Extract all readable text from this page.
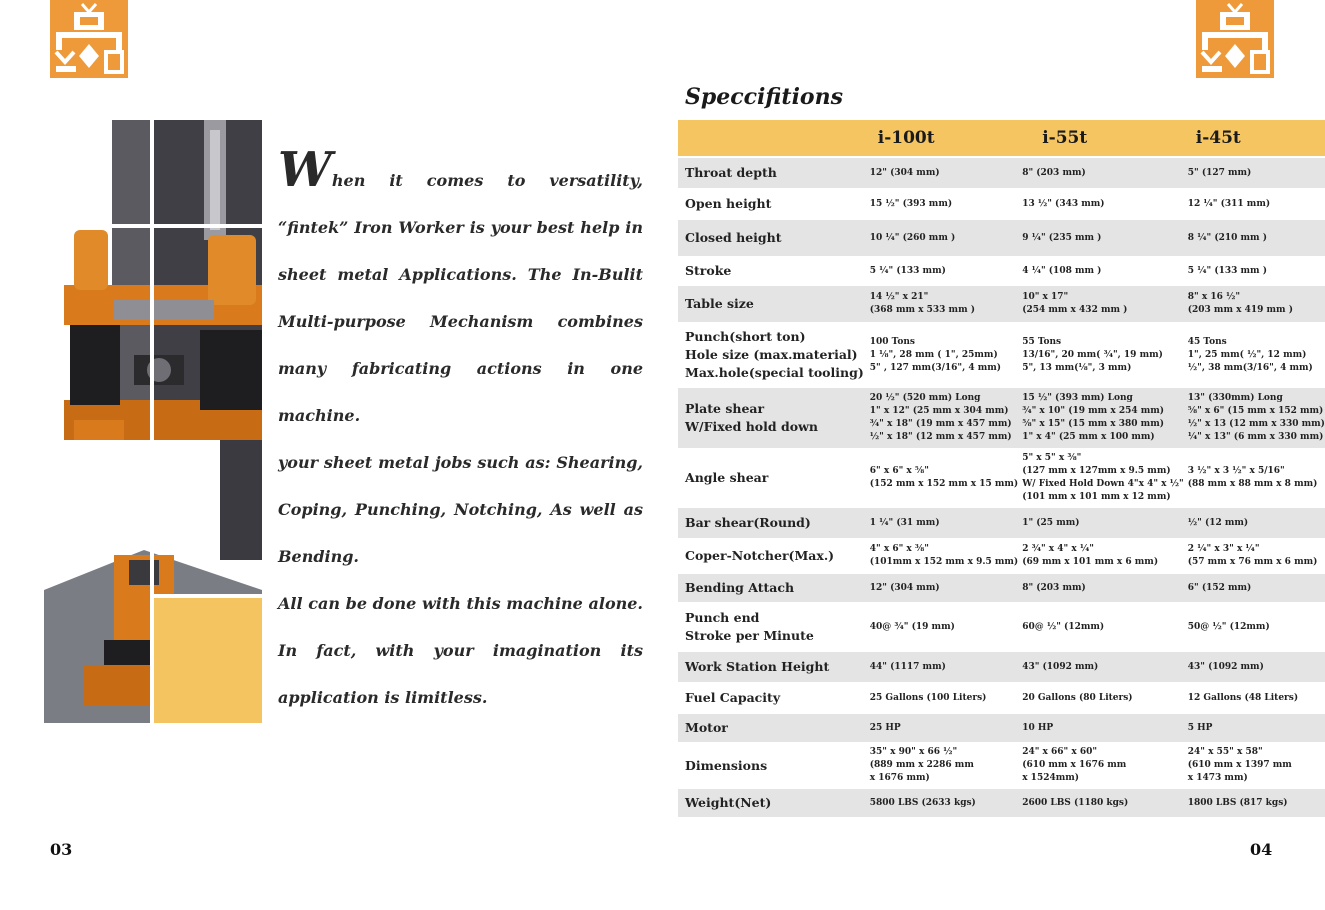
When it comes to versatility, “fintek” Iron Worker is your best help in sheet metal Applications. The In-Bulit Multi-purpose Mechanism combines many fabricating actions in one machine.

your sheet metal jobs such as: Shearing, Coping, Punching, Notching, As well as Bending.

All can be done with this machine alone. In fact, with your imagination its application is limitless.

03	04
Speccifitions
	i-100t	i-55t	i-45t

Throat depth	12" (304 mm)	8" (203 mm)	5" (127 mm)

Open height	15 ½" (393 mm)	13 ½" (343 mm)	12 ¼" (311 mm)

Closed height	10 ¼" (260 mm )	9 ¼" (235 mm )	8 ¼" (210 mm )

Stroke	5 ¼" (133 mm)	4 ¼" (108 mm )	5 ¼" (133 mm )

Table size	14 ½" x 21"
(368 mm x 533 mm )	10" x 17"
(254 mm x 432 mm )	8" x 16 ½"
(203 mm x 419 mm )

Punch(short ton)
Hole size (max.material)
Max.hole(special tooling)	100 Tons
1 ⅛", 28 mm ( 1", 25mm)
5" , 127 mm(3/16", 4 mm)	55 Tons
13/16", 20 mm( ¾", 19 mm)
5", 13 mm(⅛", 3 mm)	45 Tons
1", 25 mm( ½", 12 mm)
½", 38 mm(3/16", 4 mm)

Plate shear
W/Fixed hold down	20 ½" (520 mm) Long
1" x 12" (25 mm x 304 mm)
¾" x 18" (19 mm x 457 mm)
½" x 18" (12 mm x 457 mm)	15 ½" (393 mm) Long
¾" x 10" (19 mm x 254 mm)
⅝" x 15" (15 mm x 380 mm)
1" x 4" (25 mm x 100 mm)	13" (330mm) Long
⅝" x 6" (15 mm x 152 mm)
½" x 13 (12 mm x 330 mm)
¼" x 13" (6 mm x 330 mm)

Angle shear	6" x 6" x ⅝"
(152 mm x 152 mm x 15 mm)	5" x 5" x ⅜"
(127 mm x 127mm x 9.5 mm)
W/ Fixed Hold Down 4"x 4" x ½"
(101 mm x 101 mm x 12 mm)	3 ½" x 3 ½" x 5/16"
(88 mm x 88 mm x 8 mm)

Bar shear(Round)	1 ¼" (31 mm)	1" (25 mm)	½" (12 mm)

Coper-Notcher(Max.)	4" x 6" x ⅜"
(101mm x 152 mm x 9.5 mm)	2 ¾" x 4" x ¼"
(69 mm x 101 mm x 6 mm)	2 ¼" x 3" x ¼"
(57 mm x 76 mm x 6 mm)

Bending Attach	12" (304 mm)	8" (203 mm)	6" (152 mm)

Punch end
Stroke per Minute	40@ ¾" (19 mm)	60@ ½" (12mm)	50@ ½" (12mm)

Work Station Height	44" (1117 mm)	43" (1092 mm)	43" (1092 mm)

Fuel Capacity	25 Gallons (100 Liters)	20 Gallons (80 Liters)	12 Gallons (48 Liters)

Motor	25 HP	10 HP	5 HP

Dimensions	35" x 90" x 66 ½"
(889 mm x 2286 mm
x 1676 mm)	24" x 66" x 60"
(610 mm x 1676 mm
x 1524mm)	24" x 55" x 58"
(610 mm x 1397 mm
x 1473 mm)

Weight(Net)	5800 LBS (2633 kgs)	2600 LBS (1180 kgs)	1800 LBS (817 kgs)
